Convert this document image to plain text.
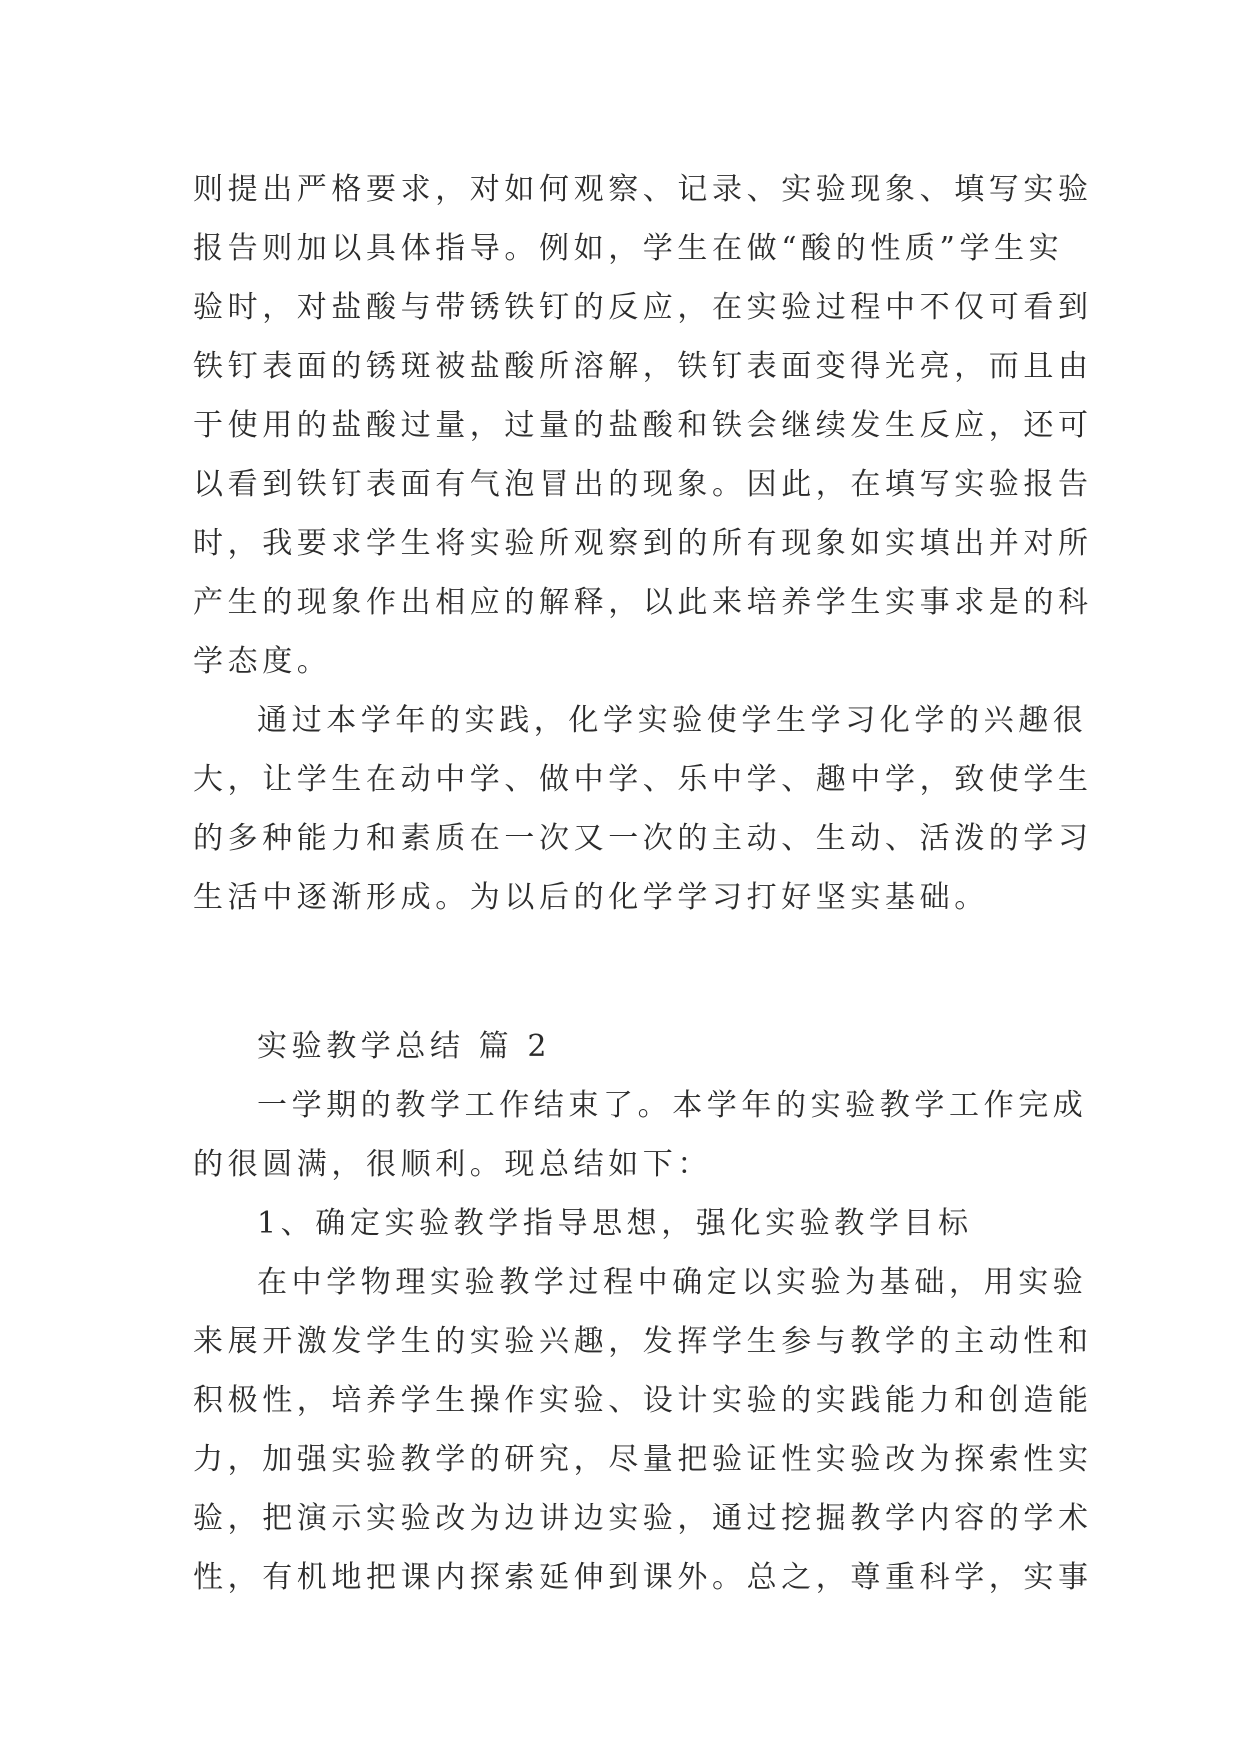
则提出严格要求，对如何观察、记录、实验现象、填写实验
报告则加以具体指导。例如，学生在做“酸的性质”学生实
验时，对盐酸与带锈铁钉的反应，在实验过程中不仅可看到
铁钉表面的锈斑被盐酸所溶解，铁钉表面变得光亮，而且由
于使用的盐酸过量，过量的盐酸和铁会继续发生反应，还可
以看到铁钉表面有气泡冒出的现象。因此，在填写实验报告
时，我要求学生将实验所观察到的所有现象如实填出并对所
产生的现象作出相应的解释，以此来培养学生实事求是的科
学态度。
通过本学年的实践，化学实验使学生学习化学的兴趣很
大，让学生在动中学、做中学、乐中学、趣中学，致使学生
的多种能力和素质在一次又一次的主动、生动、活泼的学习
生活中逐渐形成。为以后的化学学习打好坚实基础。
实验教学总结 篇 2
一学期的教学工作结束了。本学年的实验教学工作完成
的很圆满，很顺利。现总结如下：
1、确定实验教学指导思想，强化实验教学目标
在中学物理实验教学过程中确定以实验为基础，用实验
来展开激发学生的实验兴趣，发挥学生参与教学的主动性和
积极性，培养学生操作实验、设计实验的实践能力和创造能
力，加强实验教学的研究，尽量把验证性实验改为探索性实
验，把演示实验改为边讲边实验，通过挖掘教学内容的学术
性，有机地把课内探索延伸到课外。总之，尊重科学，实事
